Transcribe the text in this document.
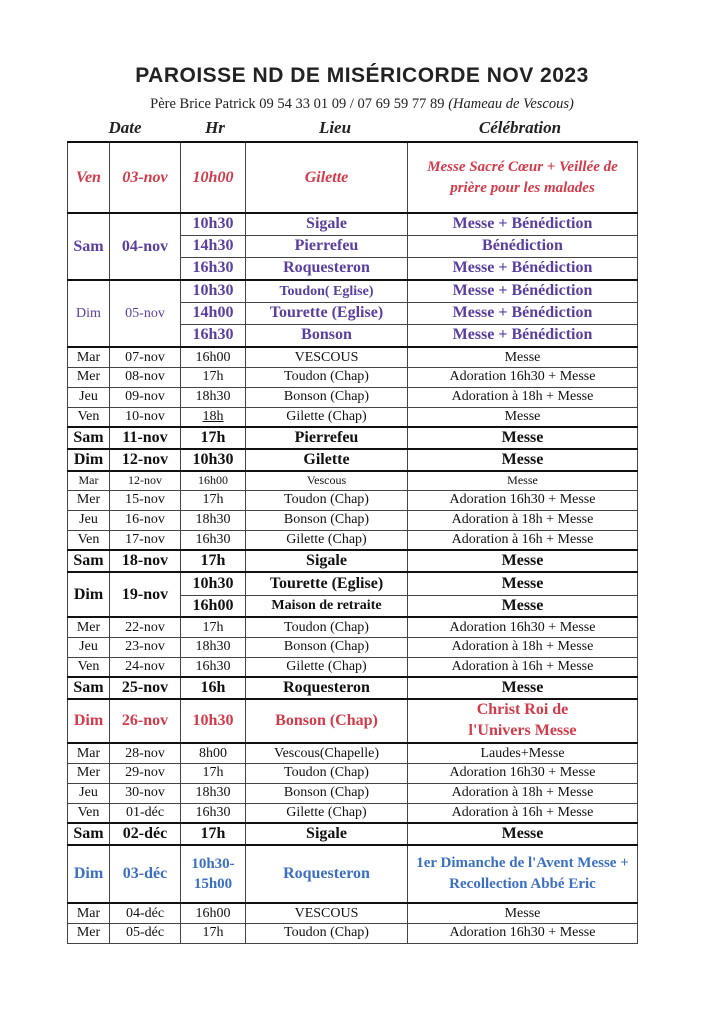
PAROISSE ND DE MISÉRICORDE NOV 2023
Père Brice Patrick 09 54 33 01 09 / 07 69 59 77 89 (Hameau de Vescous)
Date	Hr	Lieu	Célébration
Ven	03-nov	10h00	Gilette	Messe Sacré Cœur + Veillée de prière pour les malades
Sam	04-nov	10h30	Sigale	Messe + Bénédiction
		14h30	Pierrefeu	Bénédiction
		16h30	Roquesteron	Messe + Bénédiction
Dim	05-nov	10h30	Toudon( Eglise)	Messe + Bénédiction
		14h00	Tourette (Eglise)	Messe + Bénédiction
		16h30	Bonson	Messe + Bénédiction
Mar	07-nov	16h00	VESCOUS	Messe
Mer	08-nov	17h	Toudon (Chap)	Adoration 16h30 + Messe
Jeu	09-nov	18h30	Bonson (Chap)	Adoration à 18h + Messe
Ven	10-nov	18h	Gilette (Chap)	Messe
Sam	11-nov	17h	Pierrefeu	Messe
Dim	12-nov	10h30	Gilette	Messe
Mar	12-nov	16h00	Vescous	Messe
Mer	15-nov	17h	Toudon (Chap)	Adoration 16h30 + Messe
Jeu	16-nov	18h30	Bonson (Chap)	Adoration à 18h + Messe
Ven	17-nov	16h30	Gilette (Chap)	Adoration à 16h + Messe
Sam	18-nov	17h	Sigale	Messe
Dim	19-nov	10h30	Tourette (Eglise)	Messe
		16h00	Maison de retraite	Messe
Mer	22-nov	17h	Toudon (Chap)	Adoration 16h30 + Messe
Jeu	23-nov	18h30	Bonson (Chap)	Adoration à 18h + Messe
Ven	24-nov	16h30	Gilette (Chap)	Adoration à 16h + Messe
Sam	25-nov	16h	Roquesteron	Messe
Dim	26-nov	10h30	Bonson (Chap)	Christ Roi de l'Univers Messe
Mar	28-nov	8h00	Vescous(Chapelle)	Laudes+Messe
Mer	29-nov	17h	Toudon (Chap)	Adoration 16h30 + Messe
Jeu	30-nov	18h30	Bonson (Chap)	Adoration à 18h + Messe
Ven	01-déc	16h30	Gilette (Chap)	Adoration à 16h + Messe
Sam	02-déc	17h	Sigale	Messe
Dim	03-déc	10h30-15h00	Roquesteron	1er Dimanche de l'Avent Messe + Recollection Abbé Eric
Mar	04-déc	16h00	VESCOUS	Messe
Mer	05-déc	17h	Toudon (Chap)	Adoration 16h30 + Messe
